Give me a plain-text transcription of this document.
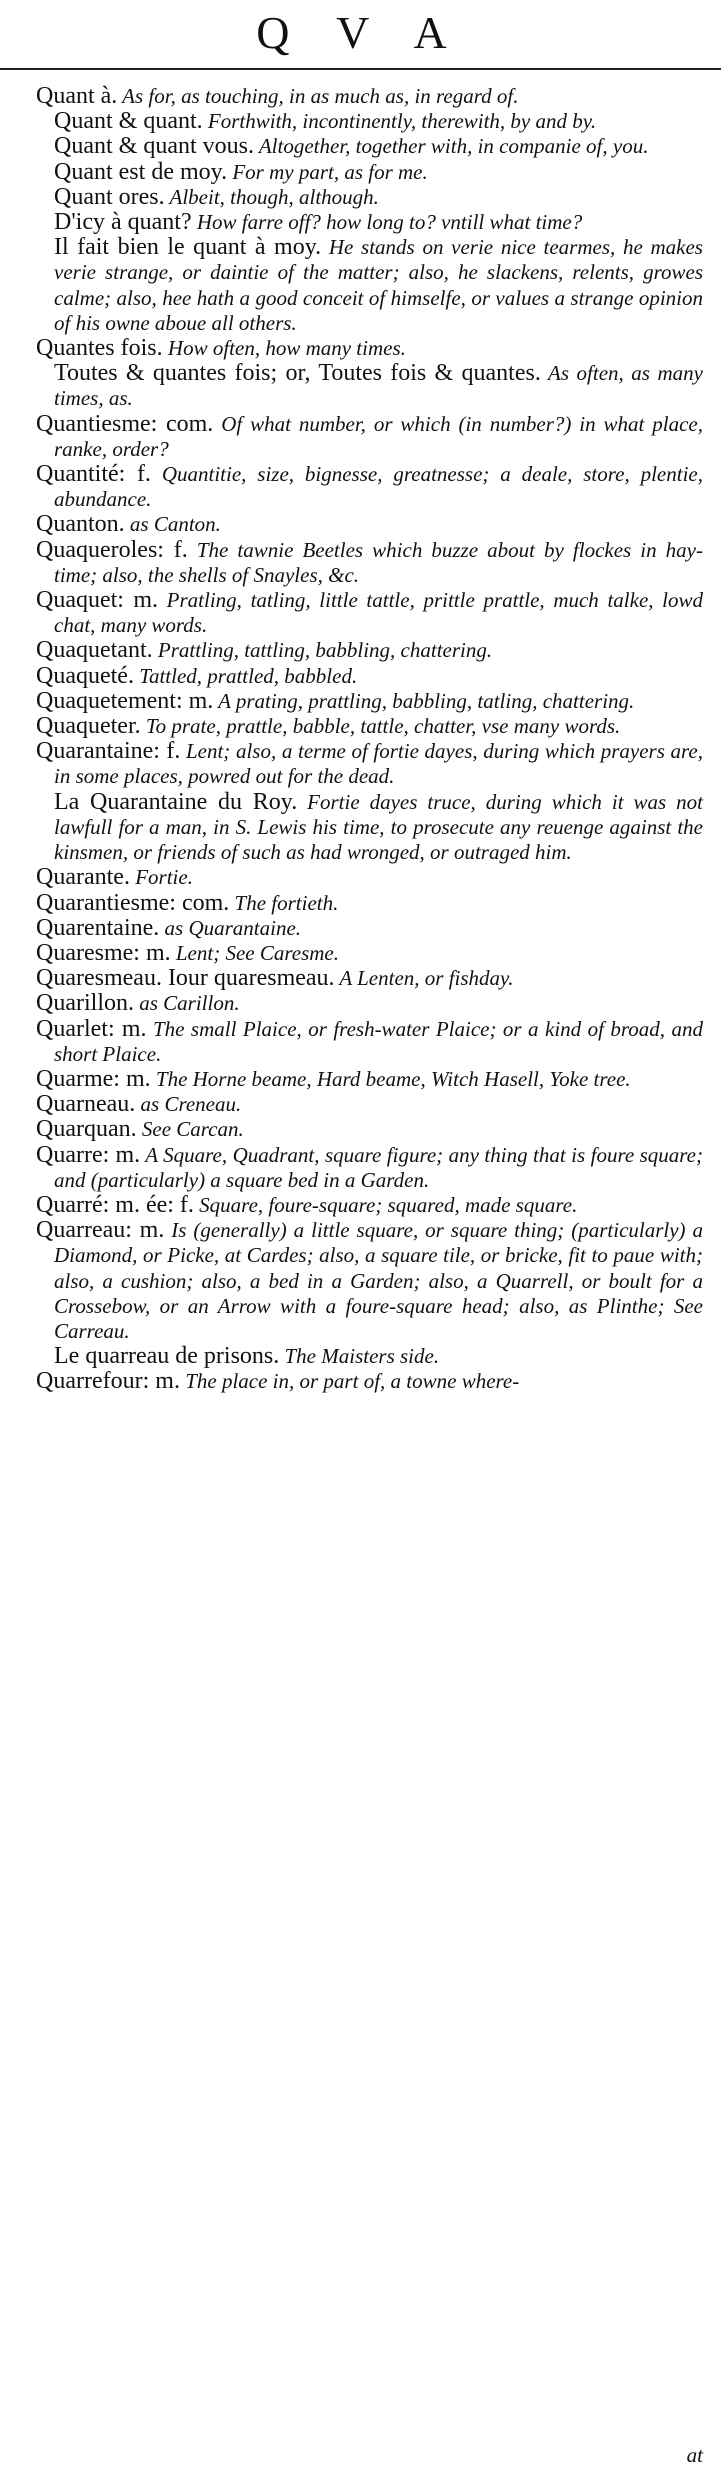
Q V A

Quant à. As for, as touching, in as much as, in regard of.

Quant & quant. Forthwith, incontinently, therewith, by and by.

Quant & quant vous. Altogether, together with, in companie of, you.

Quant est de moy. For my part, as for me.

Quant ores. Albeit, though, although.

D'icy à quant? How farre off? how long to? vntill what time?

Il fait bien le quant à moy. He stands on verie nice tearmes, he makes verie strange, or daintie of the matter; also, he slackens, relents, growes calme; also, hee hath a good conceit of himselfe, or values a strange opinion of his owne aboue all others.

Quantes fois. How often, how many times.

Toutes & quantes fois; or, Toutes fois & quantes. As often, as many times, as.

Quantiesme: com. Of what number, or which (in number?) in what place, ranke, order?

Quantité: f. Quantitie, size, bignesse, greatnesse; a deale, store, plentie, abundance.

Quanton. as Canton.

Quaqueroles: f. The tawnie Beetles which buzze about by flockes in hay-time; also, the shells of Snayles, &c.

Quaquet: m. Pratling, tatling, little tattle, prittle prattle, much talke, lowd chat, many words.

Quaquetant. Prattling, tattling, babbling, chattering.

Quaqueté. Tattled, prattled, babbled.

Quaquetement: m. A prating, prattling, babbling, tatling, chattering.

Quaqueter. To prate, prattle, babble, tattle, chatter, vse many words.

Quarantaine: f. Lent; also, a terme of fortie dayes, during which prayers are, in some places, powred out for the dead.

La Quarantaine du Roy. Fortie dayes truce, during which it was not lawfull for a man, in S. Lewis his time, to prosecute any reuenge against the kinsmen, or friends of such as had wronged, or outraged him.

Quarante. Fortie.

Quarantiesme: com. The fortieth.

Quarentaine. as Quarantaine.

Quaresme: m. Lent; See Caresme.

Quaresmeau. Iour quaresmeau. A Lenten, or fishday.

Quarillon. as Carillon.

Quarlet: m. The small Plaice, or fresh-water Plaice; or a kind of broad, and short Plaice.

Quarme: m. The Horne beame, Hard beame, Witch Hasell, Yoke tree.

Quarneau. as Creneau.

Quarquan. See Carcan.

Quarre: m. A Square, Quadrant, square figure; any thing that is foure square; and (particularly) a square bed in a Garden.

Quarré: m. ée: f. Square, foure-square; squared, made square.

Quarreau: m. Is (generally) a little square, or square thing; (particularly) a Diamond, or Picke, at Cardes; also, a square tile, or bricke, fit to paue with; also, a cushion; also, a bed in a Garden; also, a Quarrell, or boult for a Crossebow, or an Arrow with a foure-square head; also, as Plinthe; See Carreau.

Le quarreau de prisons. The Maisters side.

Quarrefour: m. The place in, or part of, a towne where-

at
